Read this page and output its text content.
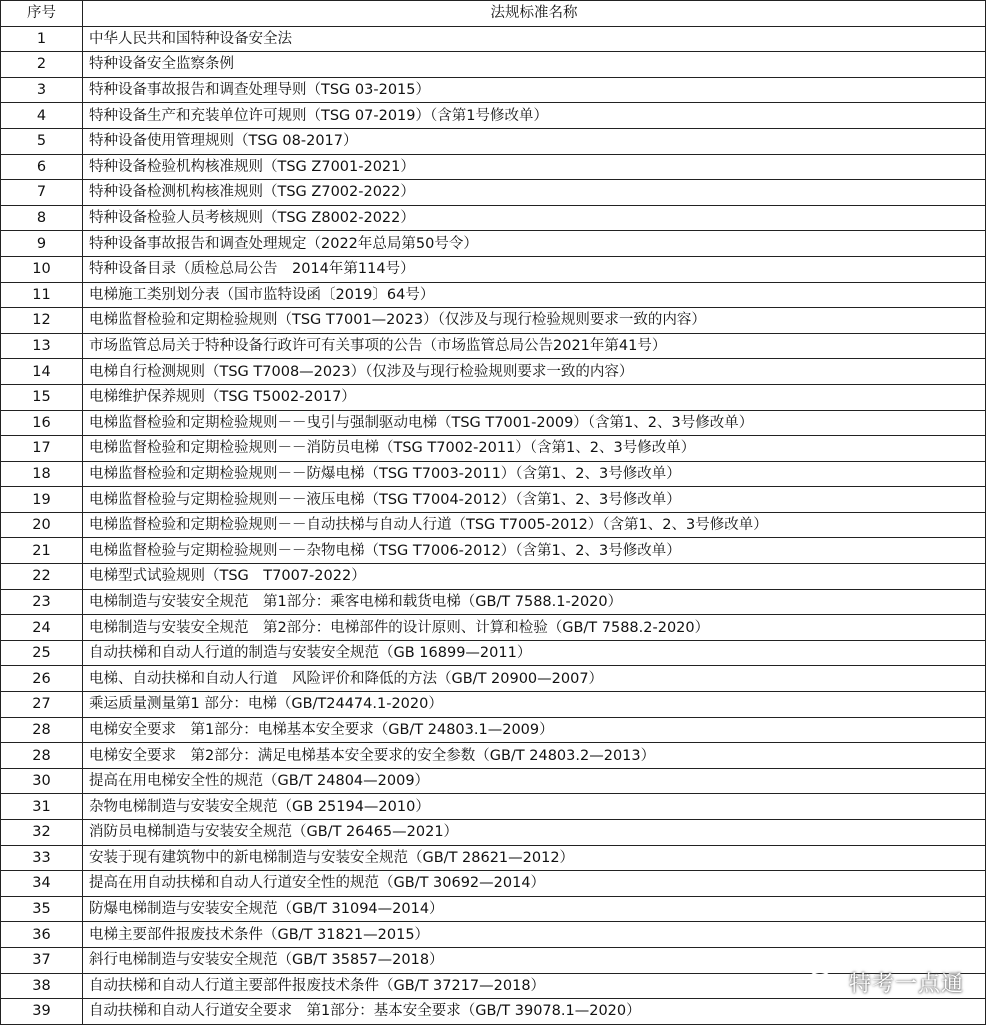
序号	法规标准名称
1	中华人民共和国特种设备安全法
2	特种设备安全监察条例
3	特种设备事故报告和调查处理导则（TSG 03-2015）
4	特种设备生产和充装单位许可规则（TSG 07-2019）（含第1号修改单）
5	特种设备使用管理规则（TSG 08-2017）
6	特种设备检验机构核准规则（TSG Z7001-2021）
7	特种设备检测机构核准规则（TSG Z7002-2022）
8	特种设备检验人员考核规则（TSG Z8002-2022）
9	特种设备事故报告和调查处理规定（2022年总局第50号令）
10	特种设备目录（质检总局公告　2014年第114号）
11	电梯施工类别划分表（国市监特设函〔2019〕64号）
12	电梯监督检验和定期检验规则（TSG T7001—2023）（仅涉及与现行检验规则要求一致的内容）
13	市场监管总局关于特种设备行政许可有关事项的公告（市场监管总局公告2021年第41号）
14	电梯自行检测规则（TSG T7008—2023）（仅涉及与现行检验规则要求一致的内容）
15	电梯维护保养规则（TSG T5002-2017）
16	电梯监督检验和定期检验规则－－曳引与强制驱动电梯（TSG T7001-2009）（含第1、2、3号修改单）
17	电梯监督检验和定期检验规则－－消防员电梯（TSG T7002-2011）（含第1、2、3号修改单）
18	电梯监督检验和定期检验规则－－防爆电梯（TSG T7003-2011）（含第1、2、3号修改单）
19	电梯监督检验与定期检验规则－－液压电梯（TSG T7004-2012）（含第1、2、3号修改单）
20	电梯监督检验和定期检验规则－－自动扶梯与自动人行道（TSG T7005-2012）（含第1、2、3号修改单）
21	电梯监督检验与定期检验规则－－杂物电梯（TSG T7006-2012）（含第1、2、3号修改单）
22	电梯型式试验规则（TSG　T7007-2022）
23	电梯制造与安装安全规范　第1部分：乘客电梯和载货电梯（GB/T 7588.1-2020）
24	电梯制造与安装安全规范　第2部分：电梯部件的设计原则、计算和检验（GB/T 7588.2-2020）
25	自动扶梯和自动人行道的制造与安装安全规范（GB 16899—2011）
26	电梯、自动扶梯和自动人行道　风险评价和降低的方法（GB/T 20900—2007）
27	乘运质量测量第1 部分：电梯（GB/T24474.1-2020）
28	电梯安全要求　第1部分：电梯基本安全要求（GB/T 24803.1—2009）
28	电梯安全要求　第2部分：满足电梯基本安全要求的安全参数（GB/T 24803.2—2013）
30	提高在用电梯安全性的规范（GB/T 24804—2009）
31	杂物电梯制造与安装安全规范（GB 25194—2010）
32	消防员电梯制造与安装安全规范（GB/T 26465—2021）
33	安装于现有建筑物中的新电梯制造与安装安全规范（GB/T 28621—2012）
34	提高在用自动扶梯和自动人行道安全性的规范（GB/T 30692—2014）
35	防爆电梯制造与安装安全规范（GB/T 31094—2014）
36	电梯主要部件报废技术条件（GB/T 31821—2015）
37	斜行电梯制造与安装安全规范（GB/T 35857—2018）
38	自动扶梯和自动人行道主要部件报废技术条件（GB/T 37217—2018）
39	自动扶梯和自动人行道安全要求　第1部分：基本安全要求（GB/T 39078.1—2020）
特考一点通
